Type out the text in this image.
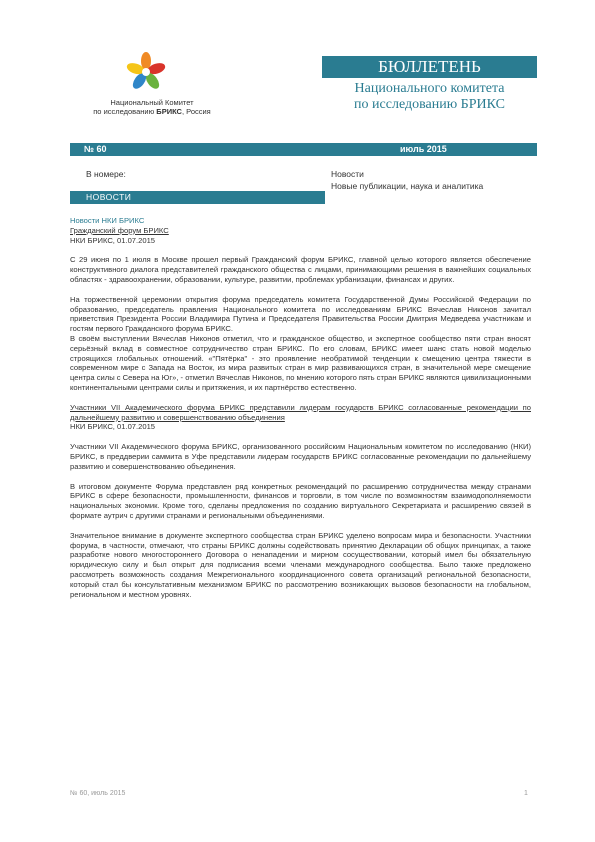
Национальный Комитет
по исследованию БРИКС, Россия
БЮЛЛЕТЕНЬ
Национального комитета
по исследованию БРИКС
№ 60	июль 2015
В номере:	Новости
Новые публикации, наука и аналитика
НОВОСТИ
Новости НКИ БРИКС
Гражданский форум БРИКС
НКИ БРИКС, 01.07.2015

С 29 июня по 1 июля в Москве прошел первый Гражданский форум БРИКС, главной целью которого является обеспечение конструктивного диалога представителей гражданского общества с лицами, принимающими решения в важнейших социальных областях - здравоохранении, образовании, культуре, развитии, проблемах урбанизации, финансах и других.

На торжественной церемонии открытия форума председатель комитета Государственной Думы Российской Федерации по образованию, председатель правления Национального комитета по исследованиям БРИКС Вячеслав Никонов зачитал приветствия Президента России Владимира Путина и Председателя Правительства России Дмитрия Медведева участникам и гостям первого Гражданского форума БРИКС.

В своём выступлении Вячеслав Никонов отметил, что и гражданское общество, и экспертное сообщество пяти стран вносят серьёзный вклад в совместное сотрудничество стран БРИКС. По его словам, БРИКС имеет шанс стать новой моделью строящихся глобальных отношений. «"Пятёрка" - это проявление необратимой тенденции к смещению центра тяжести в современном мире с Запада на Восток, из мира развитых стран в мир развивающихся стран, в значительной мере смещение центра силы с Севера на Юг», - отметил Вячеслав Никонов, по мнению которого пять стран БРИКС являются цивилизационными континентальными центрами силы и притяжения, и их партнёрство естественно.

Участники VII Академического форума БРИКС представили лидерам государств БРИКС согласованные рекомендации по дальнейшему развитию и совершенствованию объединения

НКИ БРИКС, 01.07.2015

Участники VII Академического форума БРИКС, организованного российским Национальным комитетом по исследованию (НКИ) БРИКС, в преддверии саммита в Уфе представили лидерам государств БРИКС согласованные рекомендации по дальнейшему развитию и совершенствованию объединения.

В итоговом документе Форума представлен ряд конкретных рекомендаций по расширению сотрудничества между странами БРИКС в сфере безопасности, промышленности, финансов и торговли, в том числе по возможностям взаимодополняемости национальных экономик. Кроме того, сделаны предложения по созданию виртуального Секретариата и расширению связей в формате аутрич с другими странами и региональными объединениями.

Значительное внимание в документе экспертного сообщества стран БРИКС уделено вопросам мира и безопасности. Участники форума, в частности, отмечают, что страны БРИКС должны содействовать принятию Декларации об общих принципах, а также разработке нового многостороннего Договора о ненападении и мирном сосуществовании, который имел бы обязательную юридическую силу и был открыт для подписания всеми членами международного сообщества. Было также предложено рассмотреть возможность создания Межрегионального координационного совета организаций региональной безопасности, который стал бы консультативным механизмом БРИКС по рассмотрению возникающих вызовов безопасности на глобальном, региональном и местном уровнях.

№ 60, июль 2015	1
